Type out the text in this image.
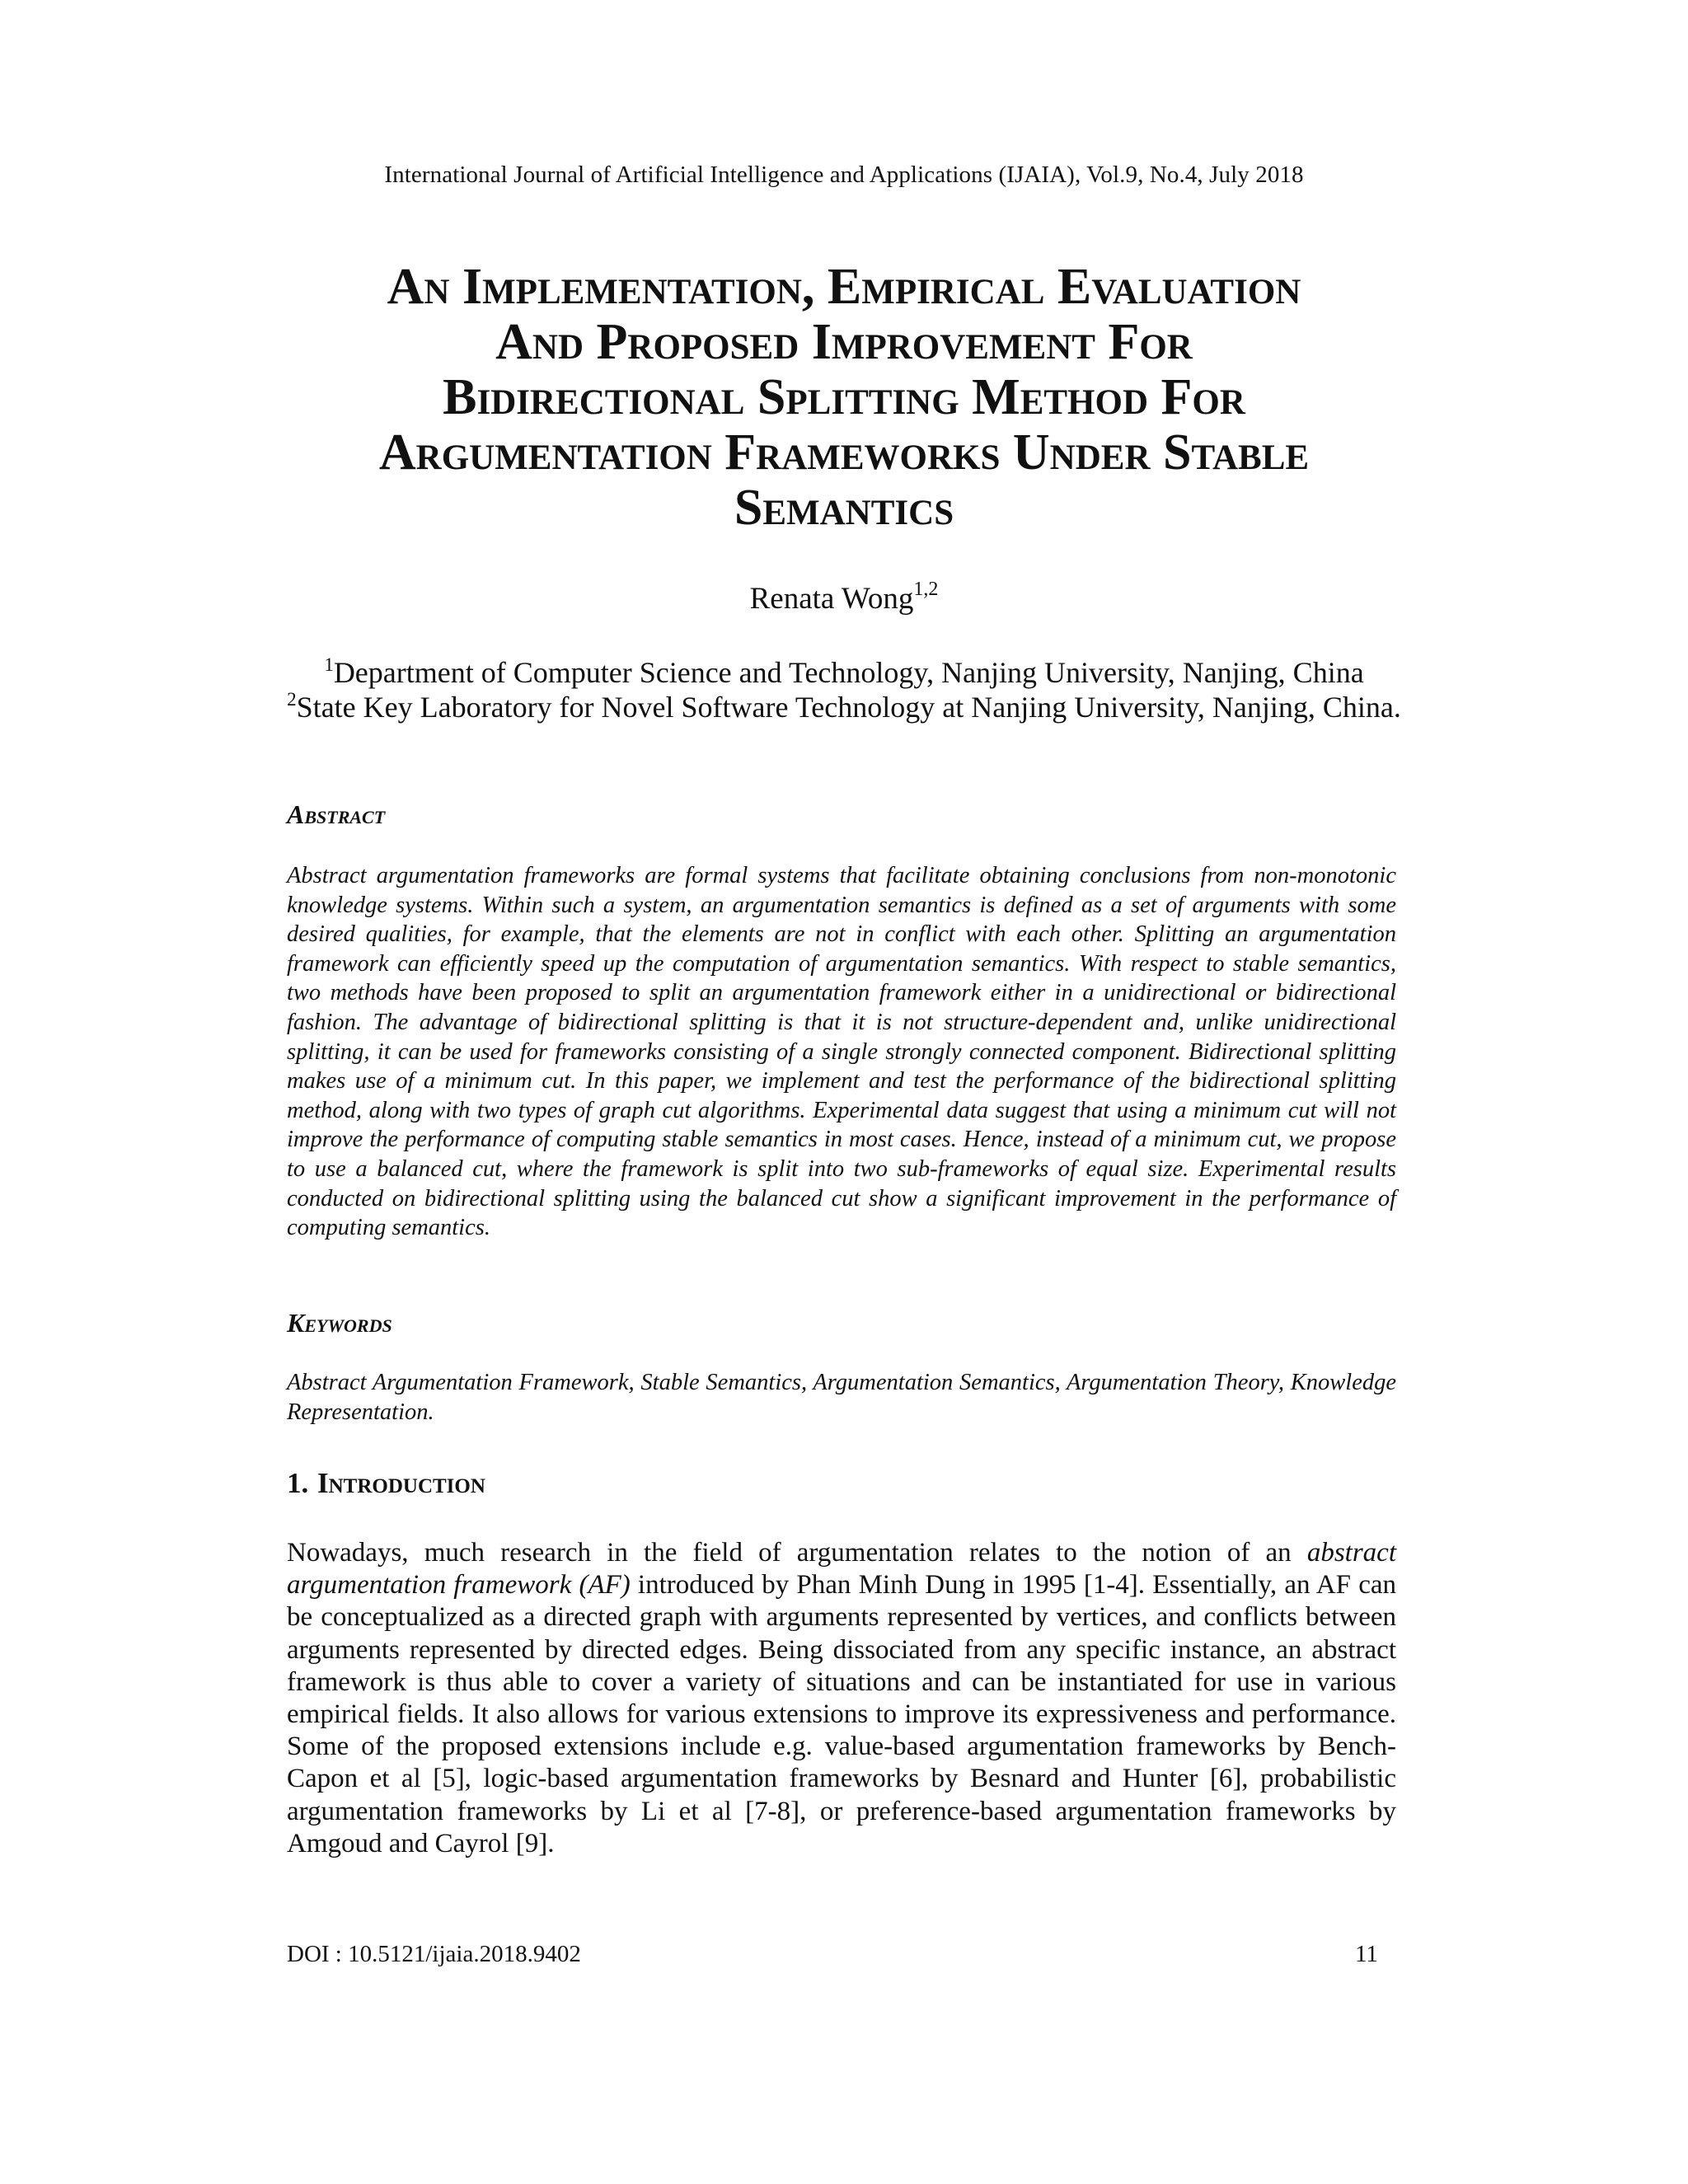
International Journal of Artificial Intelligence and Applications (IJAIA), Vol.9, No.4, July 2018
An Implementation, Empirical Evaluation
And Proposed Improvement For
Bidirectional Splitting Method For
Argumentation Frameworks Under Stable
Semantics
Renata Wong$^{1,2}$
$^1$Department of Computer Science and Technology, Nanjing University, Nanjing, China
$^2$State Key Laboratory for Novel Software Technology at Nanjing University, Nanjing, China.
Abstract
Abstract argumentation frameworks are formal systems that facilitate obtaining conclusions from non-monotonic knowledge systems. Within such a system, an argumentation semantics is defined as a set of arguments with some desired qualities, for example, that the elements are not in conflict with each other. Splitting an argumentation framework can efficiently speed up the computation of argumentation semantics. With respect to stable semantics, two methods have been proposed to split an argumentation framework either in a unidirectional or bidirectional fashion. The advantage of bidirectional splitting is that it is not structure-dependent and, unlike unidirectional splitting, it can be used for frameworks consisting of a single strongly connected component. Bidirectional splitting makes use of a minimum cut. In this paper, we implement and test the performance of the bidirectional splitting method, along with two types of graph cut algorithms. Experimental data suggest that using a minimum cut will not improve the performance of computing stable semantics in most cases. Hence, instead of a minimum cut, we propose to use a balanced cut, where the framework is split into two sub-frameworks of equal size. Experimental results conducted on bidirectional splitting using the balanced cut show a significant improvement in the performance of computing semantics.
Keywords
Abstract Argumentation Framework, Stable Semantics, Argumentation Semantics, Argumentation Theory, Knowledge Representation.
1. Introduction
Nowadays, much research in the field of argumentation relates to the notion of an abstract argumentation framework (AF) introduced by Phan Minh Dung in 1995 [1-4]. Essentially, an AF can be conceptualized as a directed graph with arguments represented by vertices, and conflicts between arguments represented by directed edges. Being dissociated from any specific instance, an abstract framework is thus able to cover a variety of situations and can be instantiated for use in various empirical fields. It also allows for various extensions to improve its expressiveness and performance. Some of the proposed extensions include e.g. value-based argumentation frameworks by Bench-Capon et al [5], logic-based argumentation frameworks by Besnard and Hunter [6], probabilistic argumentation frameworks by Li et al [7-8], or preference-based argumentation frameworks by Amgoud and Cayrol [9].
DOI : 10.5121/ijaia.2018.9402	11
